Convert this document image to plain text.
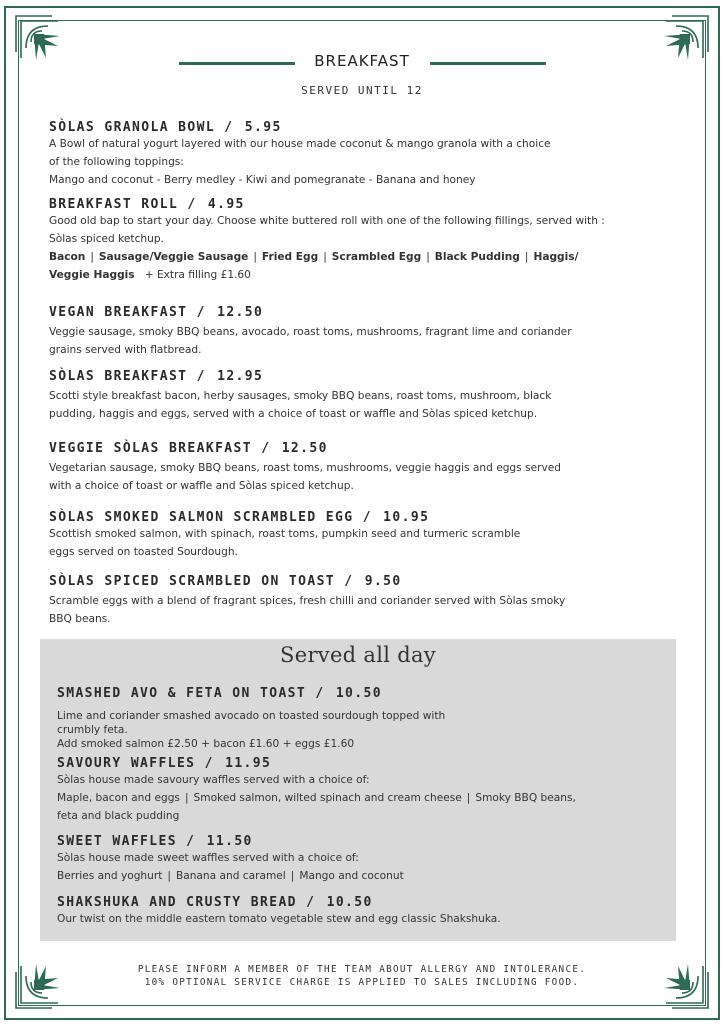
BREAKFAST
SERVED UNTIL 12
SÒLAS GRANOLA BOWL / 5.95
A Bowl of natural yogurt layered with our house made coconut & mango granola with a choice
of the following toppings:
Mango and coconut - Berry medley - Kiwi and pomegranate - Banana and honey
BREAKFAST ROLL / 4.95
Good old bap to start your day. Choose white buttered roll with one of the following fillings, served with :
Sòlas spiced ketchup.
Bacon | Sausage/Veggie Sausage | Fried Egg | Scrambled Egg | Black Pudding | Haggis/
Veggie Haggis + Extra filling £1.60
VEGAN BREAKFAST / 12.50
Veggie sausage, smoky BBQ beans, avocado, roast toms, mushrooms, fragrant lime and coriander
grains served with flatbread.
SÒLAS BREAKFAST / 12.95
Scotti style breakfast bacon, herby sausages, smoky BBQ beans, roast toms, mushroom, black
pudding, haggis and eggs, served with a choice of toast or waffle and Sòlas spiced ketchup.
VEGGIE SÒLAS BREAKFAST / 12.50
Vegetarian sausage, smoky BBQ beans, roast toms, mushrooms, veggie haggis and eggs served
with a choice of toast or waffle and Sòlas spiced ketchup.
SÒLAS SMOKED SALMON SCRAMBLED EGG / 10.95
Scottish smoked salmon, with spinach, roast toms, pumpkin seed and turmeric scramble
eggs served on toasted Sourdough.
SÒLAS SPICED SCRAMBLED ON TOAST / 9.50
Scramble eggs with a blend of fragrant spices, fresh chilli and coriander served with Sòlas smoky
BBQ beans.
Served all day
SMASHED AVO & FETA ON TOAST / 10.50
Lime and coriander smashed avocado on toasted sourdough topped with
crumbly feta.
Add smoked salmon £2.50 + bacon £1.60 + eggs £1.60
SAVOURY WAFFLES / 11.95
Sòlas house made savoury waffles served with a choice of:
Maple, bacon and eggs | Smoked salmon, wilted spinach and cream cheese | Smoky BBQ beans,
feta and black pudding
SWEET WAFFLES / 11.50
Sòlas house made sweet waffles served with a choice of:
Berries and yoghurt | Banana and caramel | Mango and coconut
SHAKSHUKA AND CRUSTY BREAD / 10.50
Our twist on the middle eastern tomato vegetable stew and egg classic Shakshuka.
PLEASE INFORM A MEMBER OF THE TEAM ABOUT ALLERGY AND INTOLERANCE.
10% OPTIONAL SERVICE CHARGE IS APPLIED TO SALES INCLUDING FOOD.
